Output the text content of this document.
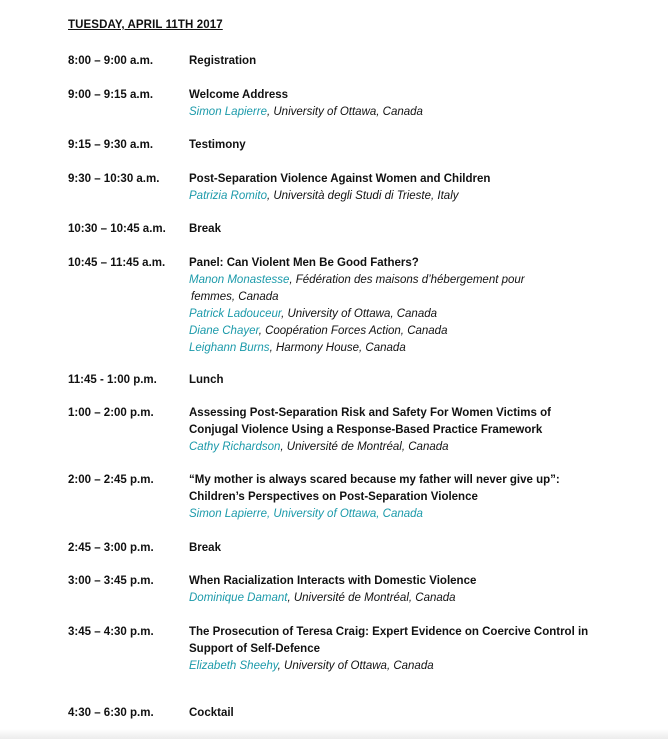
TUESDAY, APRIL 11TH 2017
8:00 – 9:00 a.m.	Registration
9:00 – 9:15 a.m.	Welcome Address
Simon Lapierre, University of Ottawa, Canada
9:15 – 9:30 a.m.	Testimony
9:30 – 10:30 a.m.	Post-Separation Violence Against Women and Children
Patrizia Romito, Università degli Studi di Trieste, Italy
10:30 – 10:45 a.m. Break
10:45 – 11:45 a.m. Panel: Can Violent Men Be Good Fathers?
Manon Monastesse, Fédération des maisons d’hébergement pour
femmes, Canada
Patrick Ladouceur, University of Ottawa, Canada
Diane Chayer, Coopération Forces Action, Canada
Leighann Burns, Harmony House, Canada
11:45 - 1:00 p.m.	Lunch
1:00 – 2:00 p.m.	Assessing Post-Separation Risk and Safety For Women Victims of
Conjugal Violence Using a Response-Based Practice Framework
Cathy Richardson, Université de Montréal, Canada
2:00 – 2:45 p.m.	“My mother is always scared because my father will never give up”:
Children’s Perspectives on Post-Separation Violence
Simon Lapierre, University of Ottawa, Canada
2:45 – 3:00 p.m.	Break
3:00 – 3:45 p.m.	When Racialization Interacts with Domestic Violence
Dominique Damant, Université de Montréal, Canada
3:45 – 4:30 p.m.	The Prosecution of Teresa Craig: Expert Evidence on Coercive Control in
Support of Self-Defence
Elizabeth Sheehy, University of Ottawa, Canada
4:30 – 6:30 p.m.	Cocktail
